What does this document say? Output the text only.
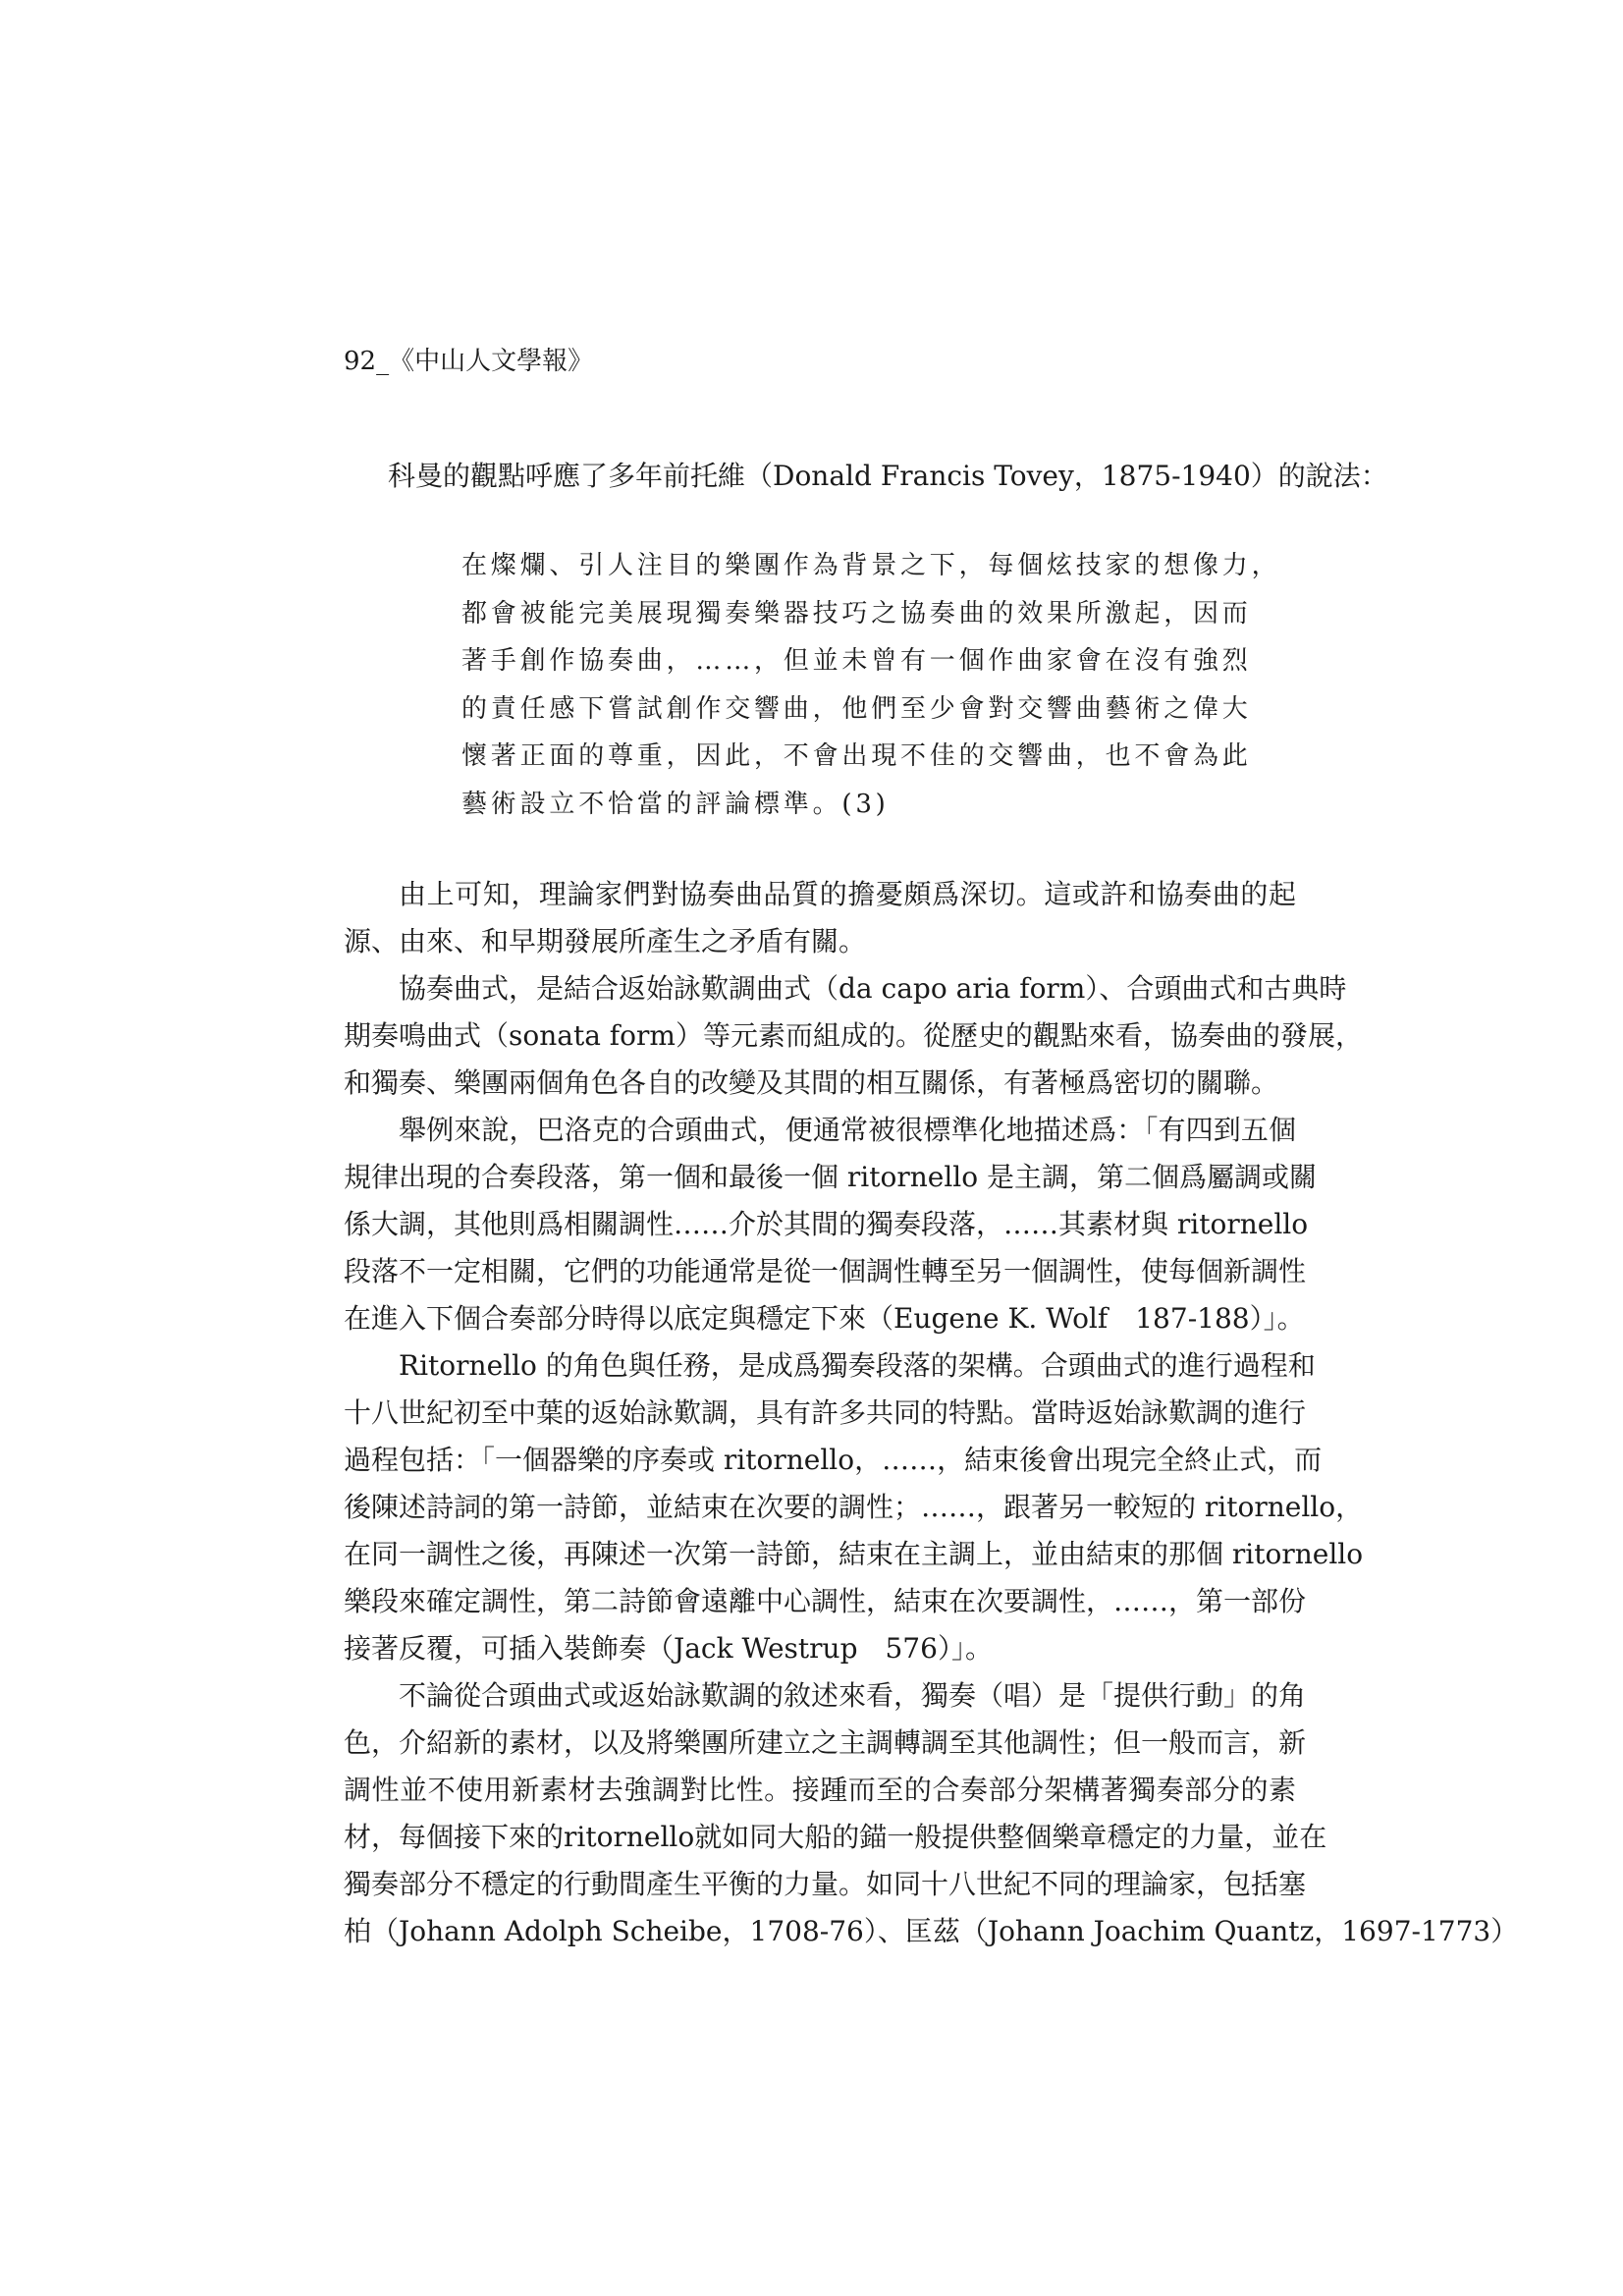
92_《中山人文學報》
科曼的觀點呼應了多年前托維（Donald Francis Tovey，1875-1940）的說法：
在燦爛、引人注目的樂團作為背景之下，每個炫技家的想像力，
都會被能完美展現獨奏樂器技巧之協奏曲的效果所激起，因而
著手創作協奏曲，……，但並未曾有一個作曲家會在沒有強烈
的責任感下嘗試創作交響曲，他們至少會對交響曲藝術之偉大
懷著正面的尊重，因此，不會出現不佳的交響曲，也不會為此
藝術設立不恰當的評論標準。(3)
由上可知，理論家們對協奏曲品質的擔憂頗爲深切。這或許和協奏曲的起
源、由來、和早期發展所產生之矛盾有關。
協奏曲式，是結合返始詠歎調曲式（da capo aria form）、合頭曲式和古典時
期奏鳴曲式（sonata form）等元素而組成的。從歷史的觀點來看，協奏曲的發展，
和獨奏、樂團兩個角色各自的改變及其間的相互關係，有著極爲密切的關聯。
舉例來說，巴洛克的合頭曲式，便通常被很標準化地描述爲：「有四到五個
規律出現的合奏段落，第一個和最後一個 ritornello 是主調，第二個爲屬調或關
係大調，其他則爲相關調性……介於其間的獨奏段落，……其素材與 ritornello
段落不一定相關，它們的功能通常是從一個調性轉至另一個調性，使每個新調性
在進入下個合奏部分時得以底定與穩定下來（Eugene K. Wolf　187-188）」。
Ritornello 的角色與任務，是成爲獨奏段落的架構。合頭曲式的進行過程和
十八世紀初至中葉的返始詠歎調，具有許多共同的特點。當時返始詠歎調的進行
過程包括：「一個器樂的序奏或 ritornello，……，結束後會出現完全終止式，而
後陳述詩詞的第一詩節，並結束在次要的調性；……，跟著另一較短的 ritornello，
在同一調性之後，再陳述一次第一詩節，結束在主調上，並由結束的那個 ritornello
樂段來確定調性，第二詩節會遠離中心調性，結束在次要調性，……，第一部份
接著反覆，可插入裝飾奏（Jack Westrup　576）」。
不論從合頭曲式或返始詠歎調的敘述來看，獨奏（唱）是「提供行動」的角
色，介紹新的素材，以及將樂團所建立之主調轉調至其他調性；但一般而言，新
調性並不使用新素材去強調對比性。接踵而至的合奏部分架構著獨奏部分的素
材，每個接下來的ritornello就如同大船的錨一般提供整個樂章穩定的力量，並在
獨奏部分不穩定的行動間產生平衡的力量。如同十八世紀不同的理論家，包括塞
柏（Johann Adolph Scheibe，1708-76）、匡茲（Johann Joachim Quantz，1697-1773）
